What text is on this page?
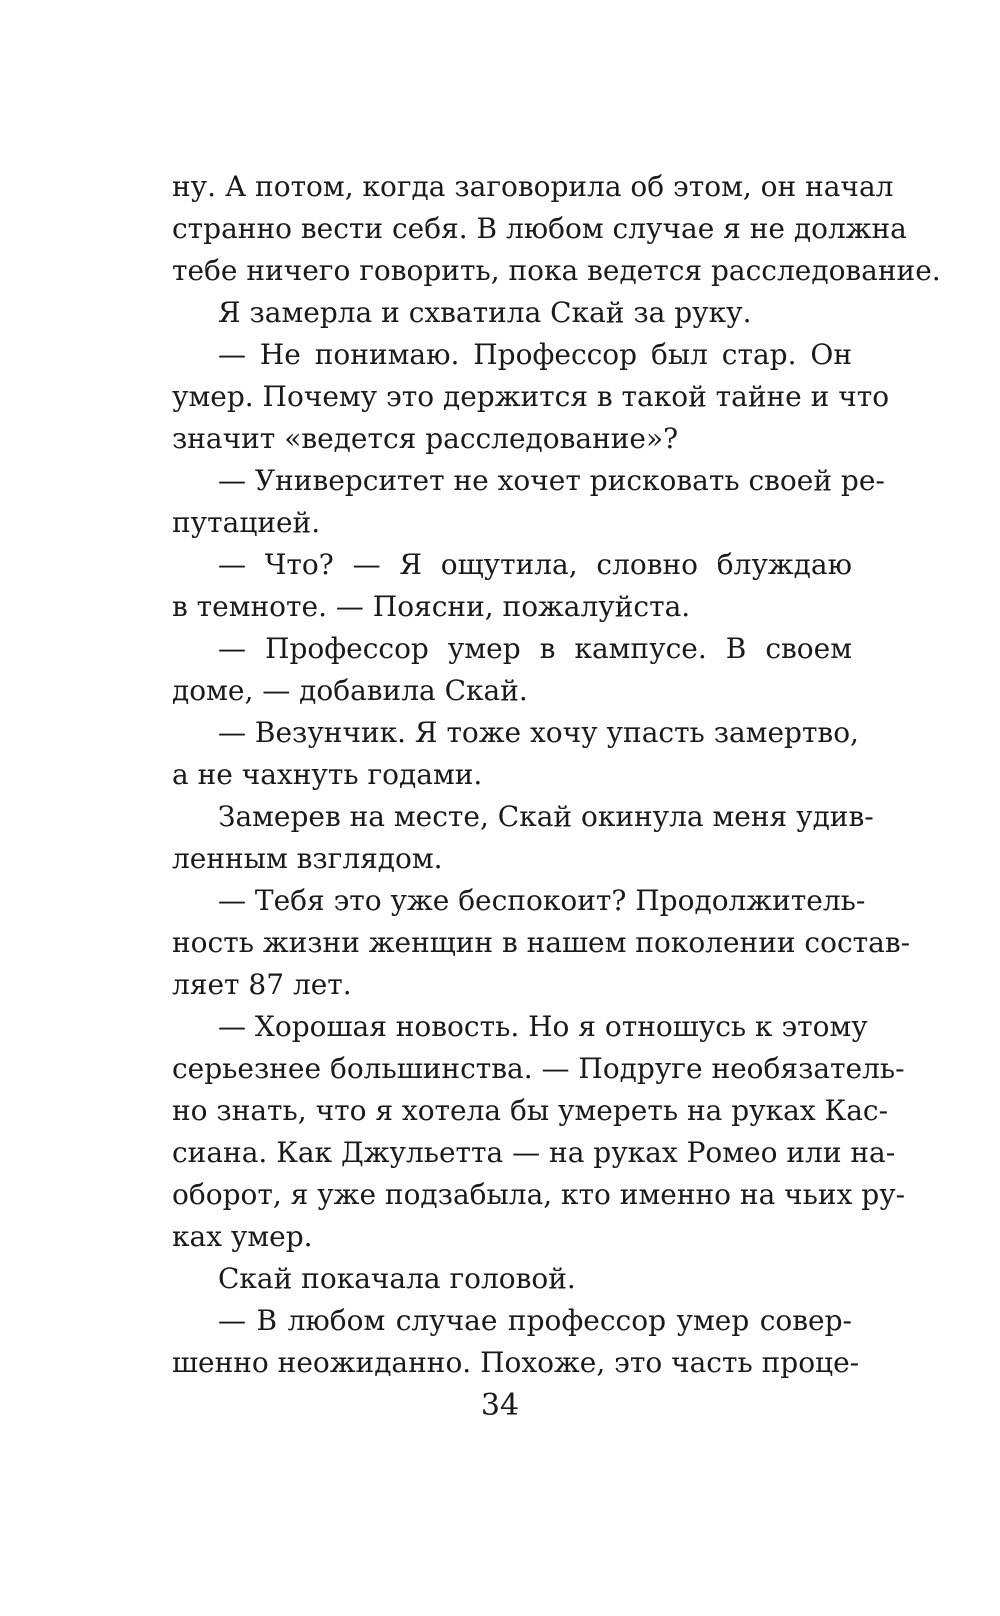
ну. А потом, когда заговорила об этом, он начал
странно вести себя. В любом случае я не должна
тебе ничего говорить, пока ведется расследование.
Я замерла и схватила Скай за руку.
— Не понимаю. Профессор был стар. Он
умер. Почему это держится в такой тайне и что
значит «ведется расследование»?
— Университет не хочет рисковать своей ре-
путацией.
— Что? — Я ощутила, словно блуждаю
в темноте. — Поясни, пожалуйста.
— Профессор умер в кампусе. В своем
доме, — добавила Скай.
— Везунчик. Я тоже хочу упасть замертво,
а не чахнуть годами.
Замерев на месте, Скай окинула меня удив-
ленным взглядом.
— Тебя это уже беспокоит? Продолжитель-
ность жизни женщин в нашем поколении состав-
ляет 87 лет.
— Хорошая новость. Но я отношусь к этому
серьезнее большинства. — Подруге необязатель-
но знать, что я хотела бы умереть на руках Кас-
сиана. Как Джульетта — на руках Ромео или на-
оборот, я уже подзабыла, кто именно на чьих ру-
ках умер.
Скай покачала головой.
— В любом случае профессор умер совер-
шенно неожиданно. Похоже, это часть проце-
34
